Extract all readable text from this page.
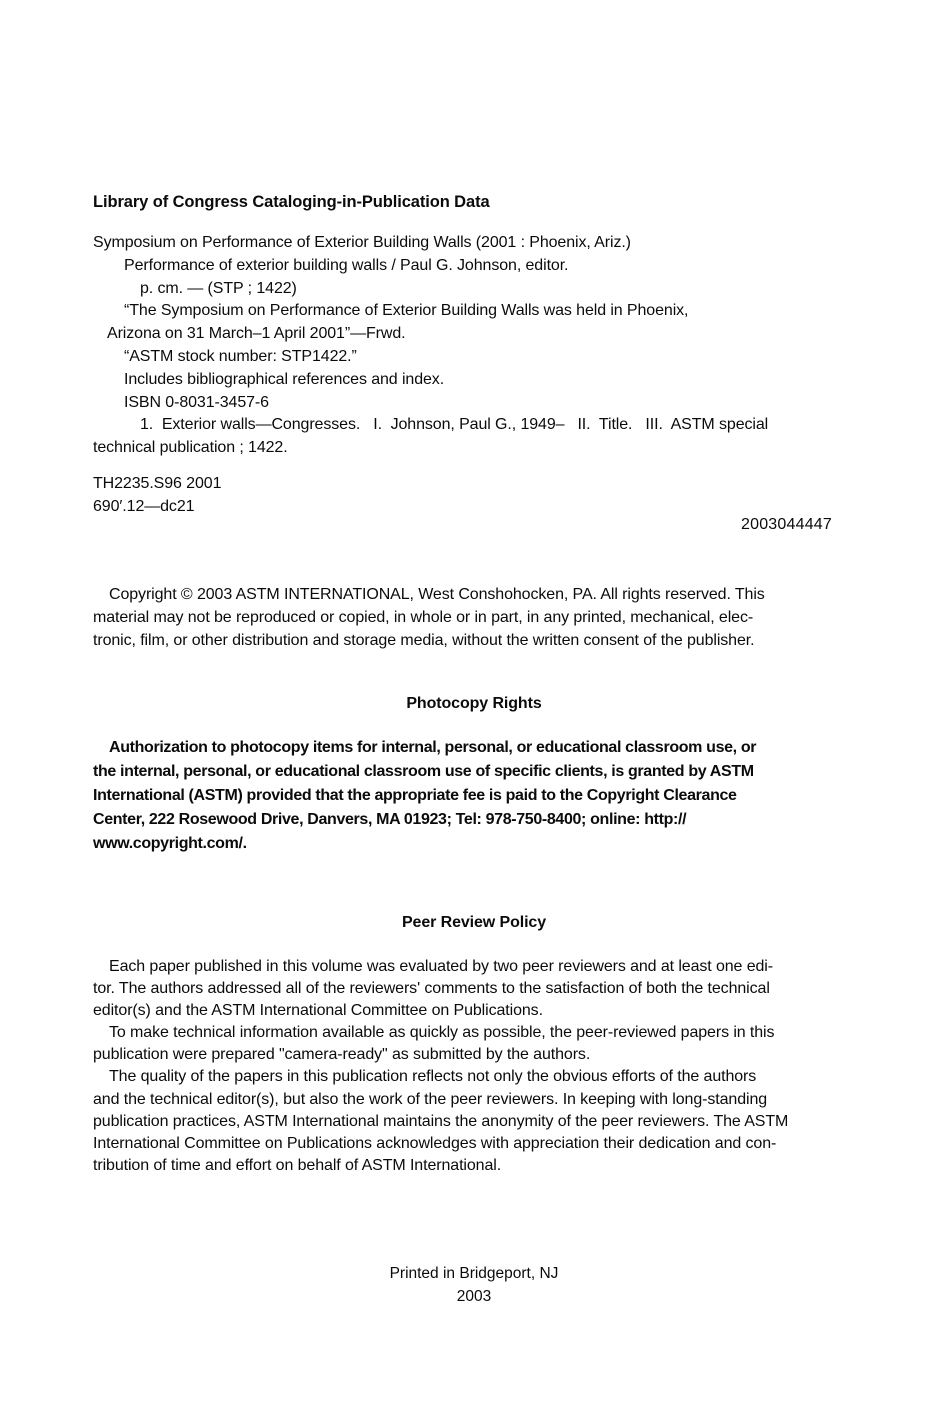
Library of Congress Cataloging-in-Publication Data
Symposium on Performance of Exterior Building Walls (2001 : Phoenix, Ariz.)
Performance of exterior building walls / Paul G. Johnson, editor.
p. cm. — (STP ; 1422)
“The Symposium on Performance of Exterior Building Walls was held in Phoenix,
Arizona on 31 March–1 April 2001”—Frwd.
“ASTM stock number: STP1422.”
Includes bibliographical references and index.
ISBN 0-8031-3457-6
1.  Exterior walls—Congresses.   I.  Johnson, Paul G., 1949–   II.  Title.   III.  ASTM special
technical publication ; 1422.
TH2235.S96 2001
690′.12—dc21
2003044447
Copyright © 2003 ASTM INTERNATIONAL, West Conshohocken, PA. All rights reserved. This
material may not be reproduced or copied, in whole or in part, in any printed, mechanical, elec-
tronic, film, or other distribution and storage media, without the written consent of the publisher.
Photocopy Rights
Authorization to photocopy items for internal, personal, or educational classroom use, or
the internal, personal, or educational classroom use of specific clients, is granted by ASTM
International (ASTM) provided that the appropriate fee is paid to the Copyright Clearance
Center, 222 Rosewood Drive, Danvers, MA 01923; Tel: 978-750-8400; online: http://
www.copyright.com/.
Peer Review Policy
Each paper published in this volume was evaluated by two peer reviewers and at least one edi-
tor. The authors addressed all of the reviewers' comments to the satisfaction of both the technical
editor(s) and the ASTM International Committee on Publications.
To make technical information available as quickly as possible, the peer-reviewed papers in this
publication were prepared "camera-ready" as submitted by the authors.
The quality of the papers in this publication reflects not only the obvious efforts of the authors
and the technical editor(s), but also the work of the peer reviewers. In keeping with long-standing
publication practices, ASTM International maintains the anonymity of the peer reviewers. The ASTM
International Committee on Publications acknowledges with appreciation their dedication and con-
tribution of time and effort on behalf of ASTM International.
Printed in Bridgeport, NJ
2003
